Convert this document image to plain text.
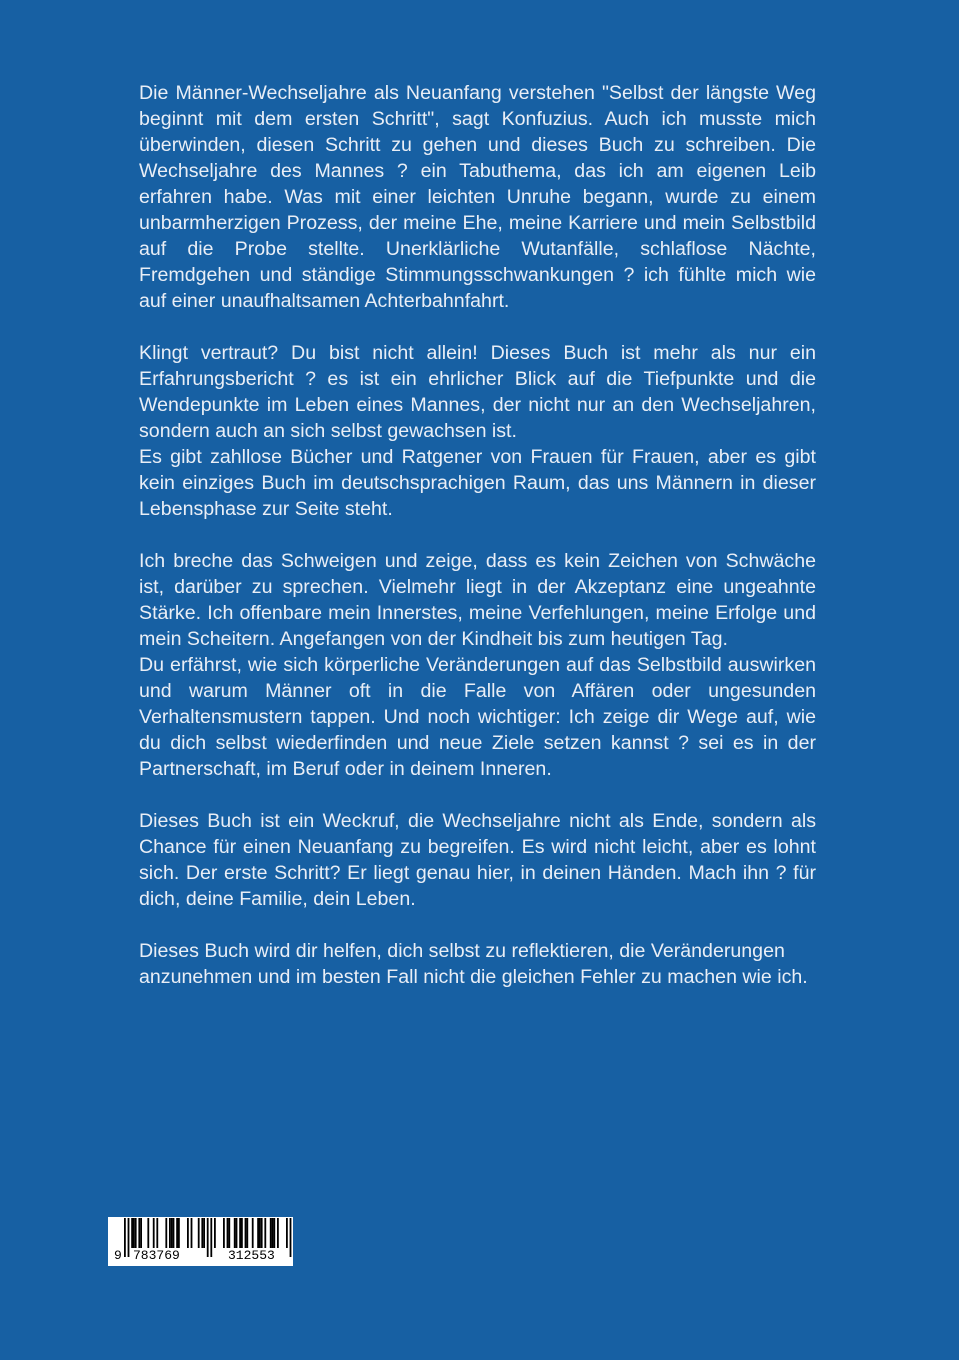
Die Männer-Wechseljahre als Neuanfang verstehen "Selbst der längste Weg beginnt mit dem ersten Schritt", sagt Konfuzius. Auch ich musste mich überwinden, diesen Schritt zu gehen und dieses Buch zu schreiben. Die Wechseljahre des Mannes ? ein Tabuthema, das ich am eigenen Leib erfahren habe. Was mit einer leichten Unruhe begann, wurde zu einem unbarmherzigen Prozess, der meine Ehe, meine Karriere und mein Selbstbild auf die Probe stellte. Unerklärliche Wutanfälle, schlaflose Nächte, Fremdgehen und ständige Stimmungsschwankungen ? ich fühlte mich wie auf einer unaufhaltsamen Achterbahnfahrt.

Klingt vertraut? Du bist nicht allein! Dieses Buch ist mehr als nur ein Erfahrungsbericht ? es ist ein ehrlicher Blick auf die Tiefpunkte und die Wendepunkte im Leben eines Mannes, der nicht nur an den Wechseljahren, sondern auch an sich selbst gewachsen ist.

Es gibt zahllose Bücher und Ratgener von Frauen für Frauen, aber es gibt kein einziges Buch im deutschsprachigen Raum, das uns Männern in dieser Lebensphase zur Seite steht.

Ich breche das Schweigen und zeige, dass es kein Zeichen von Schwäche ist, darüber zu sprechen. Vielmehr liegt in der Akzeptanz eine ungeahnte Stärke. Ich offenbare mein Innerstes, meine Verfehlungen, meine Erfolge und mein Scheitern. Angefangen von der Kindheit bis zum heutigen Tag.

Du erfährst, wie sich körperliche Veränderungen auf das Selbstbild auswirken und warum Männer oft in die Falle von Affären oder ungesunden Verhaltensmustern tappen. Und noch wichtiger: Ich zeige dir Wege auf, wie du dich selbst wiederfinden und neue Ziele setzen kannst ? sei es in der Partnerschaft, im Beruf oder in deinem Inneren.

Dieses Buch ist ein Weckruf, die Wechseljahre nicht als Ende, sondern als Chance für einen Neuanfang zu begreifen. Es wird nicht leicht, aber es lohnt sich. Der erste Schritt? Er liegt genau hier, in deinen Händen. Mach ihn ? für dich, deine Familie, dein Leben.

Dieses Buch wird dir helfen, dich selbst zu reflektieren, die Veränderungen anzunehmen und im besten Fall nicht die gleichen Fehler zu machen wie ich.

9 783769	312553
